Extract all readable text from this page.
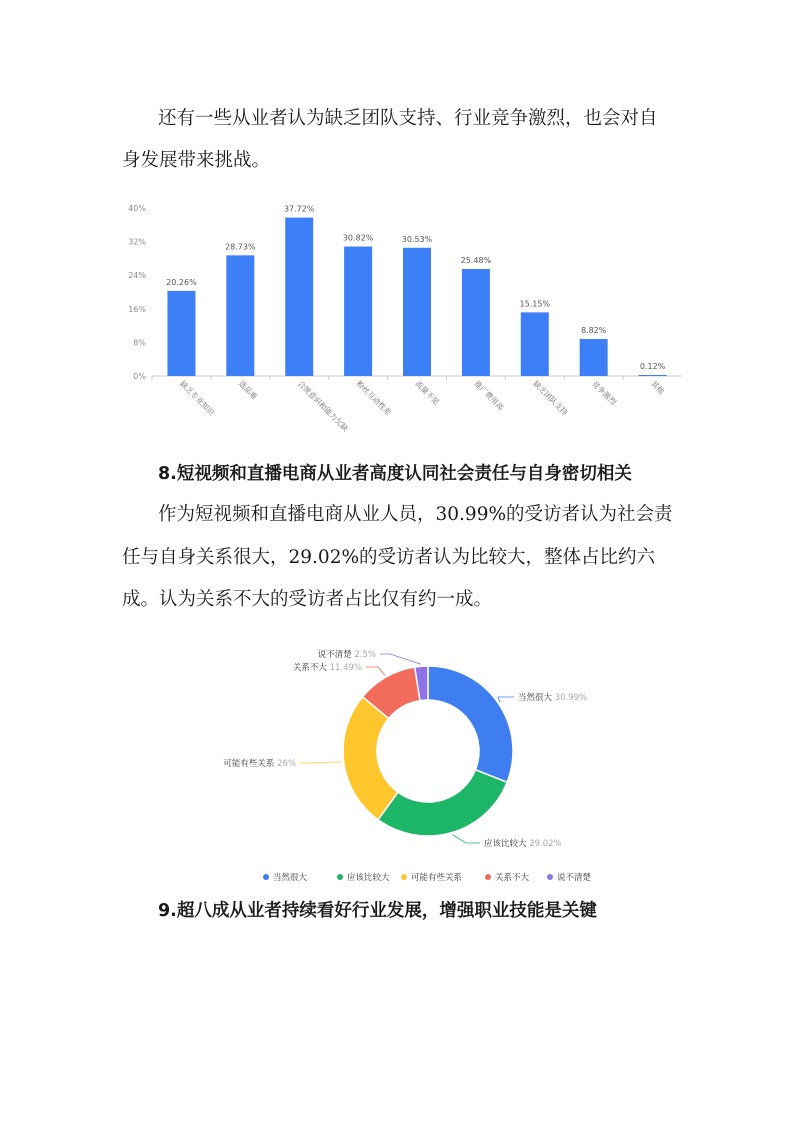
还有一些从业者认为缺乏团队支持、行业竞争激烈，也会对自

身发展带来挑战。

0%
8%
16%
24%
32%
40%
20.26%
缺乏专业知识
28.73%
选品难
37.72%
合规意识和能力欠缺
30.82%
粉丝互动性差
30.53%
流量不足
25.48%
推广费用高
15.15%
缺乏团队支持
8.82%
竞争激烈
0.12%
其他
8.短视频和直播电商从业者高度认同社会责任与自身密切相关

作为短视频和直播电商从业人员，30.99%的受访者认为社会责

任与自身关系很大，29.02%的受访者认为比较大，整体占比约六

成。认为关系不大的受访者占比仅有约一成。

当然很大 30.99%
应该比较大 29.02%
可能有些关系 26%
关系不大 11.49%
说不清楚 2.5%
当然很大	应该比较大	可能有些关系	关系不大	说不清楚
9.超八成从业者持续看好行业发展，增强职业技能是关键
